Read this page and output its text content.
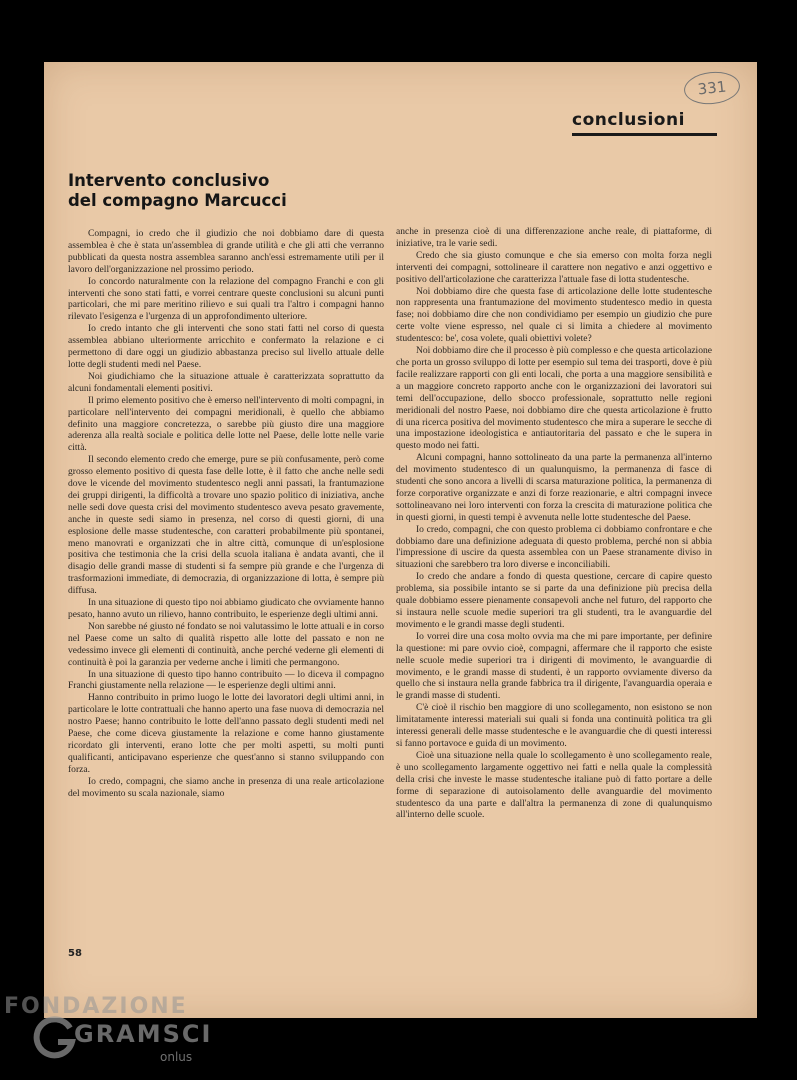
331
conclusioni
Intervento conclusivo
del compagno Marcucci

Compagni, io credo che il giudizio che noi dobbiamo dare di questa assemblea è che è stata un'assemblea di grande utilità e che gli atti che verranno pubblicati da questa nostra assemblea saranno anch'essi estremamente utili per il lavoro dell'organizzazione nel prossimo periodo.

Io concordo naturalmente con la relazione del compagno Franchi e con gli interventi che sono stati fatti, e vorrei centrare queste conclusioni su alcuni punti particolari, che mi pare meritino rilievo e sui quali tra l'altro i compagni hanno rilevato l'esigenza e l'urgenza di un approfondimento ulteriore.

Io credo intanto che gli interventi che sono stati fatti nel corso di questa assemblea abbiano ulteriormente arricchito e confermato la relazione e ci permettono di dare oggi un giudizio abbastanza preciso sul livello attuale delle lotte degli studenti medi nel Paese.

Noi giudichiamo che la situazione attuale è caratterizzata soprattutto da alcuni fondamentali elementi positivi.

Il primo elemento positivo che è emerso nell'intervento di molti compagni, in particolare nell'intervento dei compagni meridionali, è quello che abbiamo definito una maggiore concretezza, o sarebbe più giusto dire una maggiore aderenza alla realtà sociale e politica delle lotte nel Paese, delle lotte nelle varie città.

Il secondo elemento credo che emerge, pure se più confusamente, però come grosso elemento positivo di questa fase delle lotte, è il fatto che anche nelle sedi dove le vicende del movimento studentesco negli anni passati, la frantumazione dei gruppi dirigenti, la difficoltà a trovare uno spazio politico di iniziativa, anche nelle sedi dove questa crisi del movimento studentesco aveva pesato gravemente, anche in queste sedi siamo in presenza, nel corso di questi giorni, di una esplosione delle masse studentesche, con caratteri probabilmente più spontanei, meno manovrati e organizzati che in altre città, comunque di un'esplosione positiva che testimonia che la crisi della scuola italiana è andata avanti, che il disagio delle grandi masse di studenti si fa sempre più grande e che l'urgenza di trasformazioni immediate, di democrazia, di organizzazione di lotta, è sempre più diffusa.

In una situazione di questo tipo noi abbiamo giudicato che ovviamente hanno pesato, hanno avuto un rilievo, hanno contribuito, le esperienze degli ultimi anni.

Non sarebbe né giusto né fondato se noi valutassimo le lotte attuali e in corso nel Paese come un salto di qualità rispetto alle lotte del passato e non ne vedessimo invece gli elementi di continuità, anche perché vederne gli elementi di continuità è poi la garanzia per vederne anche i limiti che permangono.

In una situazione di questo tipo hanno contribuito — lo diceva il compagno Franchi giustamente nella relazione — le esperienze degli ultimi anni.

Hanno contribuito in primo luogo le lotte dei lavoratori degli ultimi anni, in particolare le lotte contrattuali che hanno aperto una fase nuova di democrazia nel nostro Paese; hanno contribuito le lotte dell'anno passato degli studenti medi nel Paese, che come diceva giustamente la relazione e come hanno giustamente ricordato gli interventi, erano lotte che per molti aspetti, su molti punti qualificanti, anticipavano esperienze che quest'anno si stanno sviluppando con forza.

Io credo, compagni, che siamo anche in presenza di una reale articolazione del movimento su scala nazionale, siamo

anche in presenza cioè di una differenzazione anche reale, di piattaforme, di iniziative, tra le varie sedi.

Credo che sia giusto comunque e che sia emerso con molta forza negli interventi dei compagni, sottolineare il carattere non negativo e anzi oggettivo e positivo dell'articolazione che caratterizza l'attuale fase di lotta studentesche.

Noi dobbiamo dire che questa fase di articolazione delle lotte studentesche non rappresenta una frantumazione del movimento studentesco medio in questa fase; noi dobbiamo dire che non condividiamo per esempio un giudizio che pure certe volte viene espresso, nel quale ci si limita a chiedere al movimento studentesco: be', cosa volete, quali obiettivi volete?

Noi dobbiamo dire che il processo è più complesso e che questa articolazione che porta un grosso sviluppo di lotte per esempio sul tema dei trasporti, dove è più facile realizzare rapporti con gli enti locali, che porta a una maggiore sensibilità e a un maggiore concreto rapporto anche con le organizzazioni dei lavoratori sui temi dell'occupazione, dello sbocco professionale, soprattutto nelle regioni meridionali del nostro Paese, noi dobbiamo dire che questa articolazione è frutto di una ricerca positiva del movimento studentesco che mira a superare le secche di una impostazione ideologistica e antiautoritaria del passato e che le supera in questo modo nei fatti.

Alcuni compagni, hanno sottolineato da una parte la permanenza all'interno del movimento studentesco di un qualunquismo, la permanenza di fasce di studenti che sono ancora a livelli di scarsa maturazione politica, la permanenza di forze corporative organizzate e anzi di forze reazionarie, e altri compagni invece sottolineavano nei loro interventi con forza la crescita di maturazione politica che in questi giorni, in questi tempi è avvenuta nelle lotte studentesche del Paese.

Io credo, compagni, che con questo problema ci dobbiamo confrontare e che dobbiamo dare una definizione adeguata di questo problema, perché non si abbia l'impressione di uscire da questa assemblea con un Paese stranamente diviso in situazioni che sarebbero tra loro diverse e inconciliabili.

Io credo che andare a fondo di questa questione, cercare di capire questo problema, sia possibile intanto se si parte da una definizione più precisa della quale dobbiamo essere pienamente consapevoli anche nel futuro, del rapporto che si instaura nelle scuole medie superiori tra gli studenti, tra le avanguardie del movimento e le grandi masse degli studenti.

Io vorrei dire una cosa molto ovvia ma che mi pare importante, per definire la questione: mi pare ovvio cioè, compagni, affermare che il rapporto che esiste nelle scuole medie superiori tra i dirigenti di movimento, le avanguardie di movimento, e le grandi masse di studenti, è un rapporto ovviamente diverso da quello che si instaura nella grande fabbrica tra il dirigente, l'avanguardia operaia e le grandi masse di studenti.

C'è cioè il rischio ben maggiore di uno scollegamento, non esistono se non limitatamente interessi materiali sui quali si fonda una continuità politica tra gli interessi generali delle masse studentesche e le avanguardie che di questi interessi si fanno portavoce e guida di un movimento.

Cioè una situazione nella quale lo scollegamento è uno scollegamento reale, è uno scollegamento largamente oggettivo nei fatti e nella quale la complessità della crisi che investe le masse studentesche italiane può di fatto portare a delle forme di separazione di autoisolamento delle avanguardie del movimento studentesco da una parte e dall'altra la permanenza di zone di qualunquismo all'interno delle scuole.

58
FONDAZIONE
GRAMSCI
onlus
